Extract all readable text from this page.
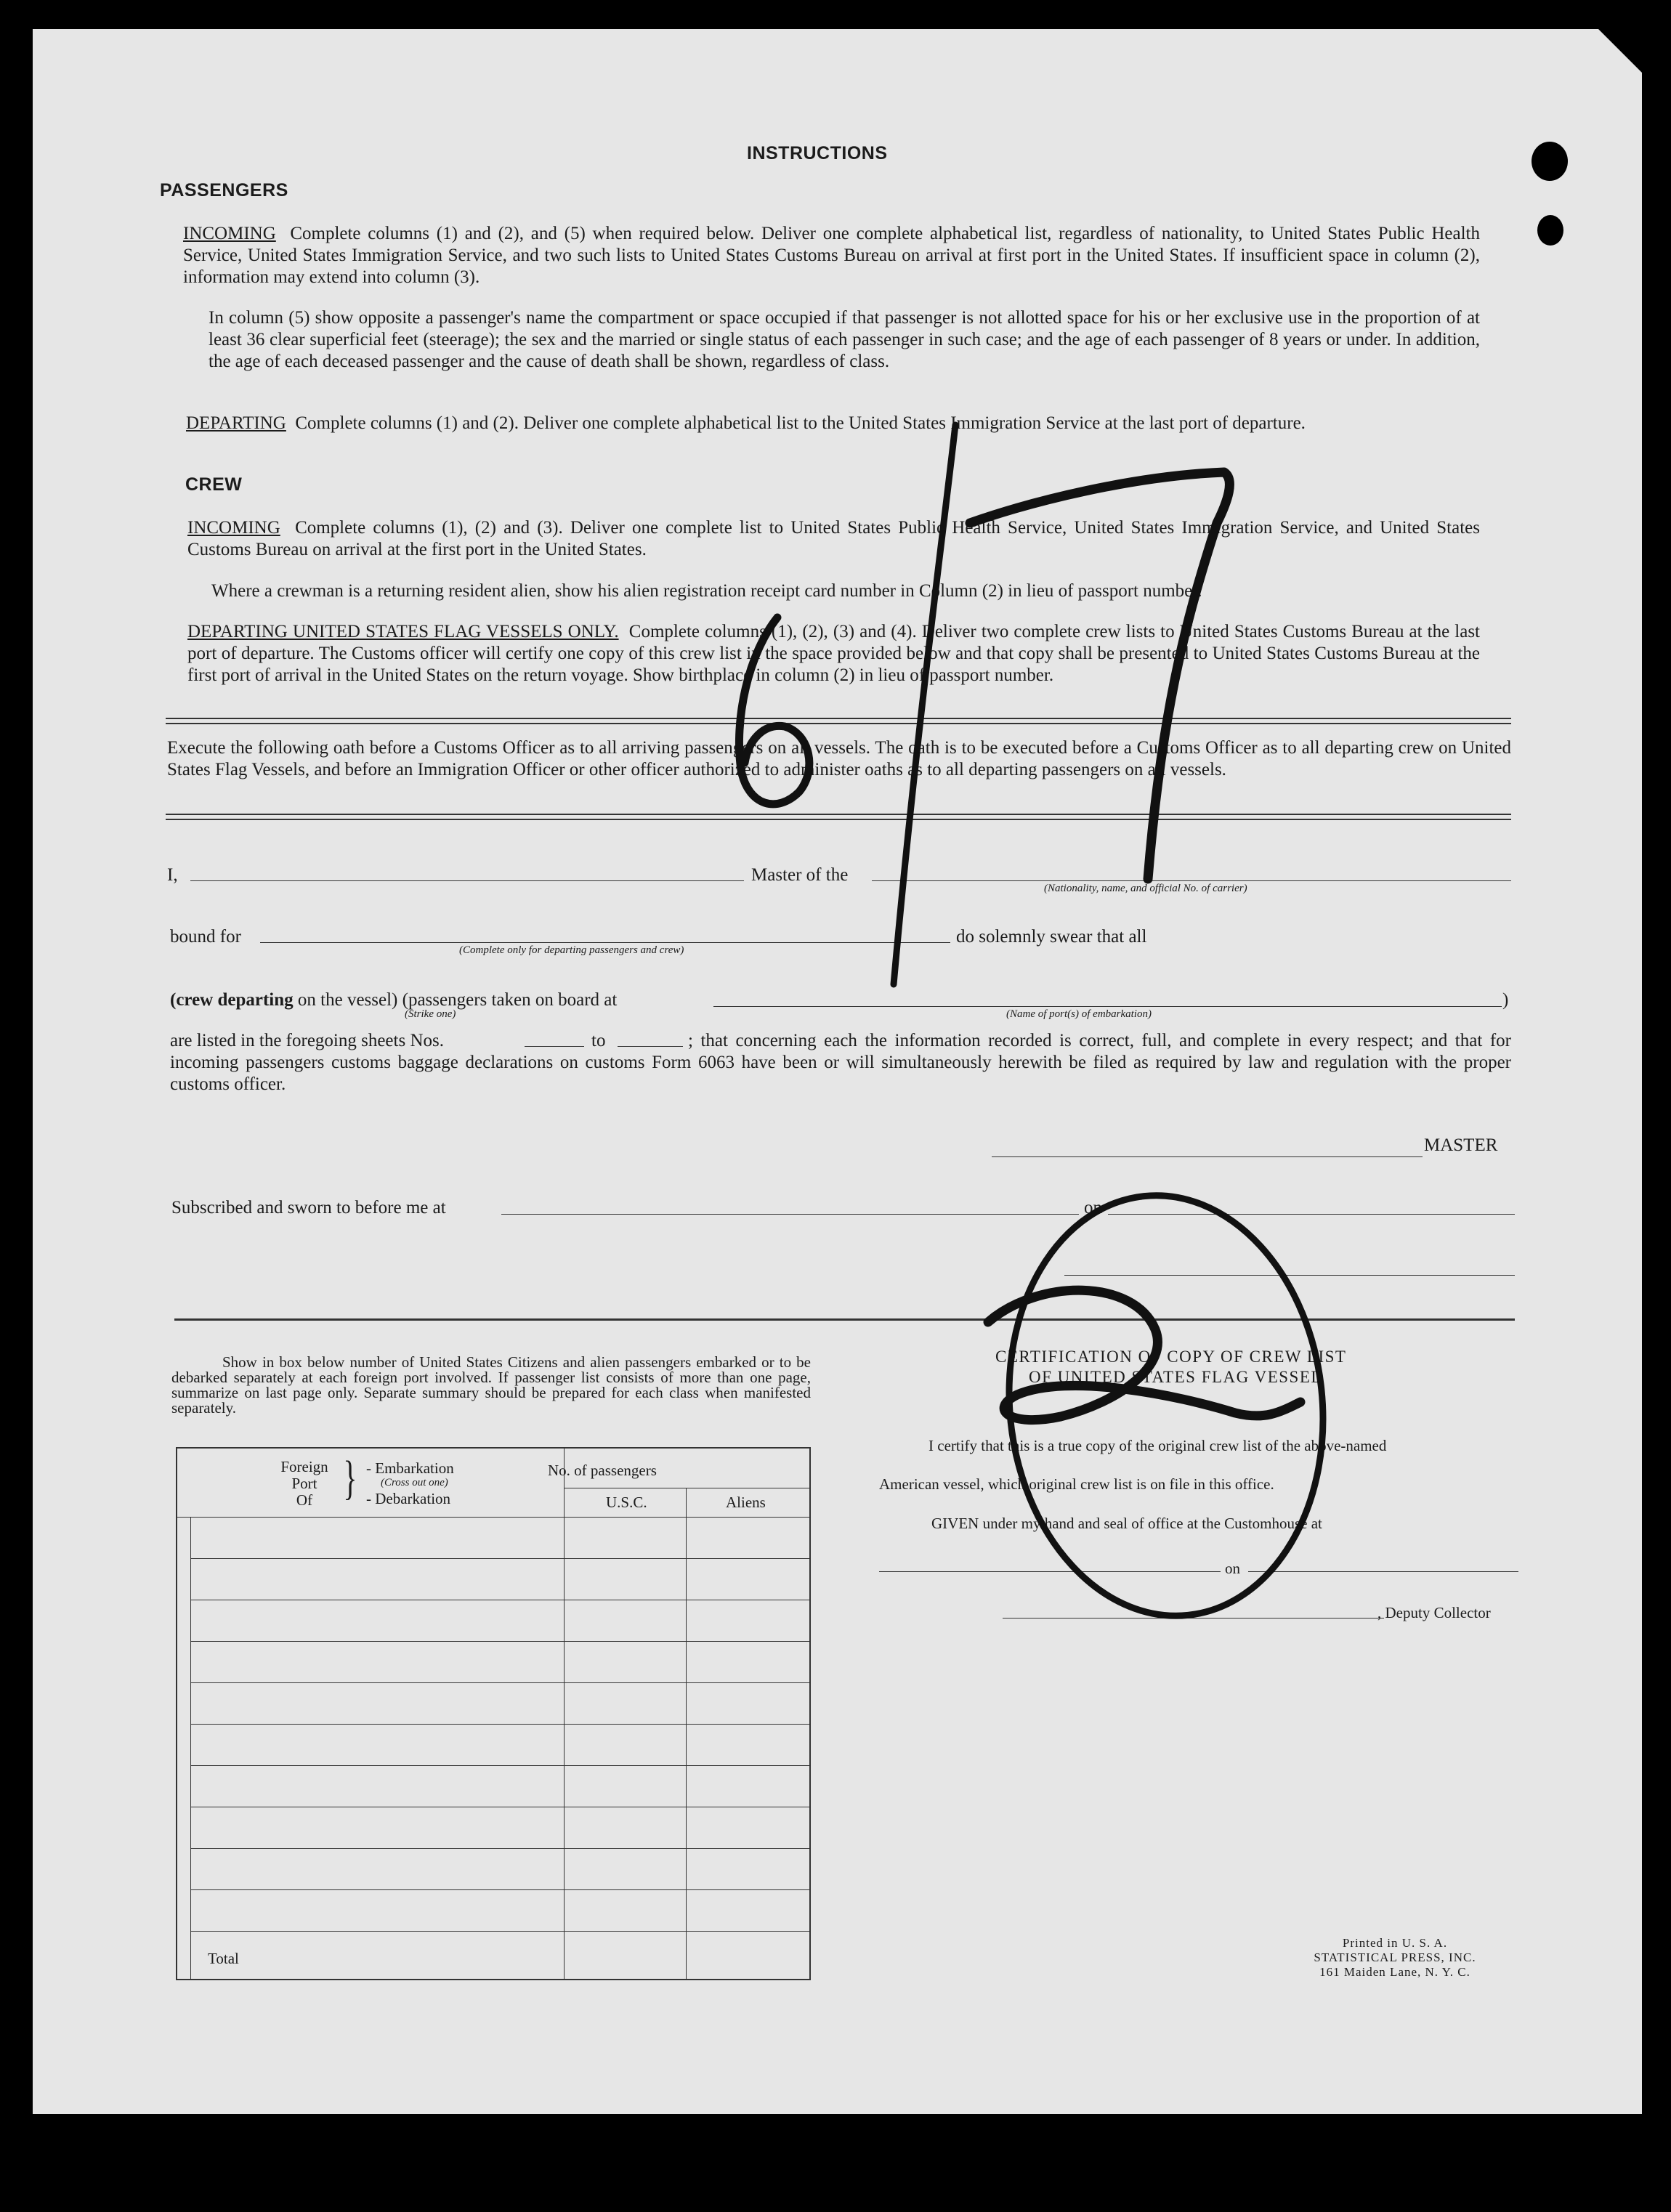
INSTRUCTIONS
PASSENGERS
INCOMING Complete columns (1) and (2), and (5) when required below. Deliver one complete alphabetical list, regardless of nationality, to United States Public Health Service, United States Immigration Service, and two such lists to United States Customs Bureau on arrival at first port in the United States. If insufficient space in column (2), information may extend into column (3).
In column (5) show opposite a passenger's name the compartment or space occupied if that passenger is not allotted space for his or her exclusive use in the proportion of at least 36 clear superficial feet (steerage); the sex and the married or single status of each passenger in such case; and the age of each passenger of 8 years or under. In addition, the age of each deceased passenger and the cause of death shall be shown, regardless of class.
DEPARTING Complete columns (1) and (2). Deliver one complete alphabetical list to the United States Immigration Service at the last port of departure.
CREW
INCOMING Complete columns (1), (2) and (3). Deliver one complete list to United States Public Health Service, United States Immigration Service, and United States Customs Bureau on arrival at the first port in the United States.
Where a crewman is a returning resident alien, show his alien registration receipt card number in Column (2) in lieu of passport number.
DEPARTING UNITED STATES FLAG VESSELS ONLY. Complete columns (1), (2), (3) and (4). Deliver two complete crew lists to United States Customs Bureau at the last port of departure. The Customs officer will certify one copy of this crew list in the space provided below and that copy shall be presented to United States Customs Bureau at the first port of arrival in the United States on the return voyage. Show birthplace in column (2) in lieu of passport number.
Execute the following oath before a Customs Officer as to all arriving passengers on all vessels. The oath is to be executed before a Customs Officer as to all departing crew on United States Flag Vessels, and before an Immigration Officer or other officer authorized to administer oaths as to all departing passengers on all vessels.
I,	Master of the
(Nationality, name, and official No. of carrier)
bound for
(Complete only for departing passengers and crew)
do solemnly swear that all
(crew departing on the vessel) (passengers taken on board at
(Strike one)
)
(Name of port(s) of embarkation)
are listed in the foregoing sheets Nos.	to	; that concerning each the information recorded is correct, full, and complete in every respect; and that for incoming passengers customs baggage declarations on customs Form 6063 have been or will simultaneously herewith be filed as required by law and regulation with the proper customs officer.
MASTER
Subscribed and sworn to before me at	on
Show in box below number of United States Citizens and alien passengers embarked or to be debarked separately at each foreign port involved. If passenger list consists of more than one page, summarize on last page only. Separate summary should be prepared for each class when manifested separately.
Foreign
Port
Of } - Embarkation
(Cross out one)
- Debarkation
No. of passengers
U.S.C.	Aliens
Total
CERTIFICATION OF COPY OF CREW LIST
OF UNITED STATES FLAG VESSEL
I certify that this is a true copy of the original crew list of the above-named
American vessel, which original crew list is on file in this office.
GIVEN under my hand and seal of office at the Customhouse at
on
, Deputy Collector
Printed in U. S. A.
STATISTICAL PRESS, INC.
161 Maiden Lane, N. Y. C.
